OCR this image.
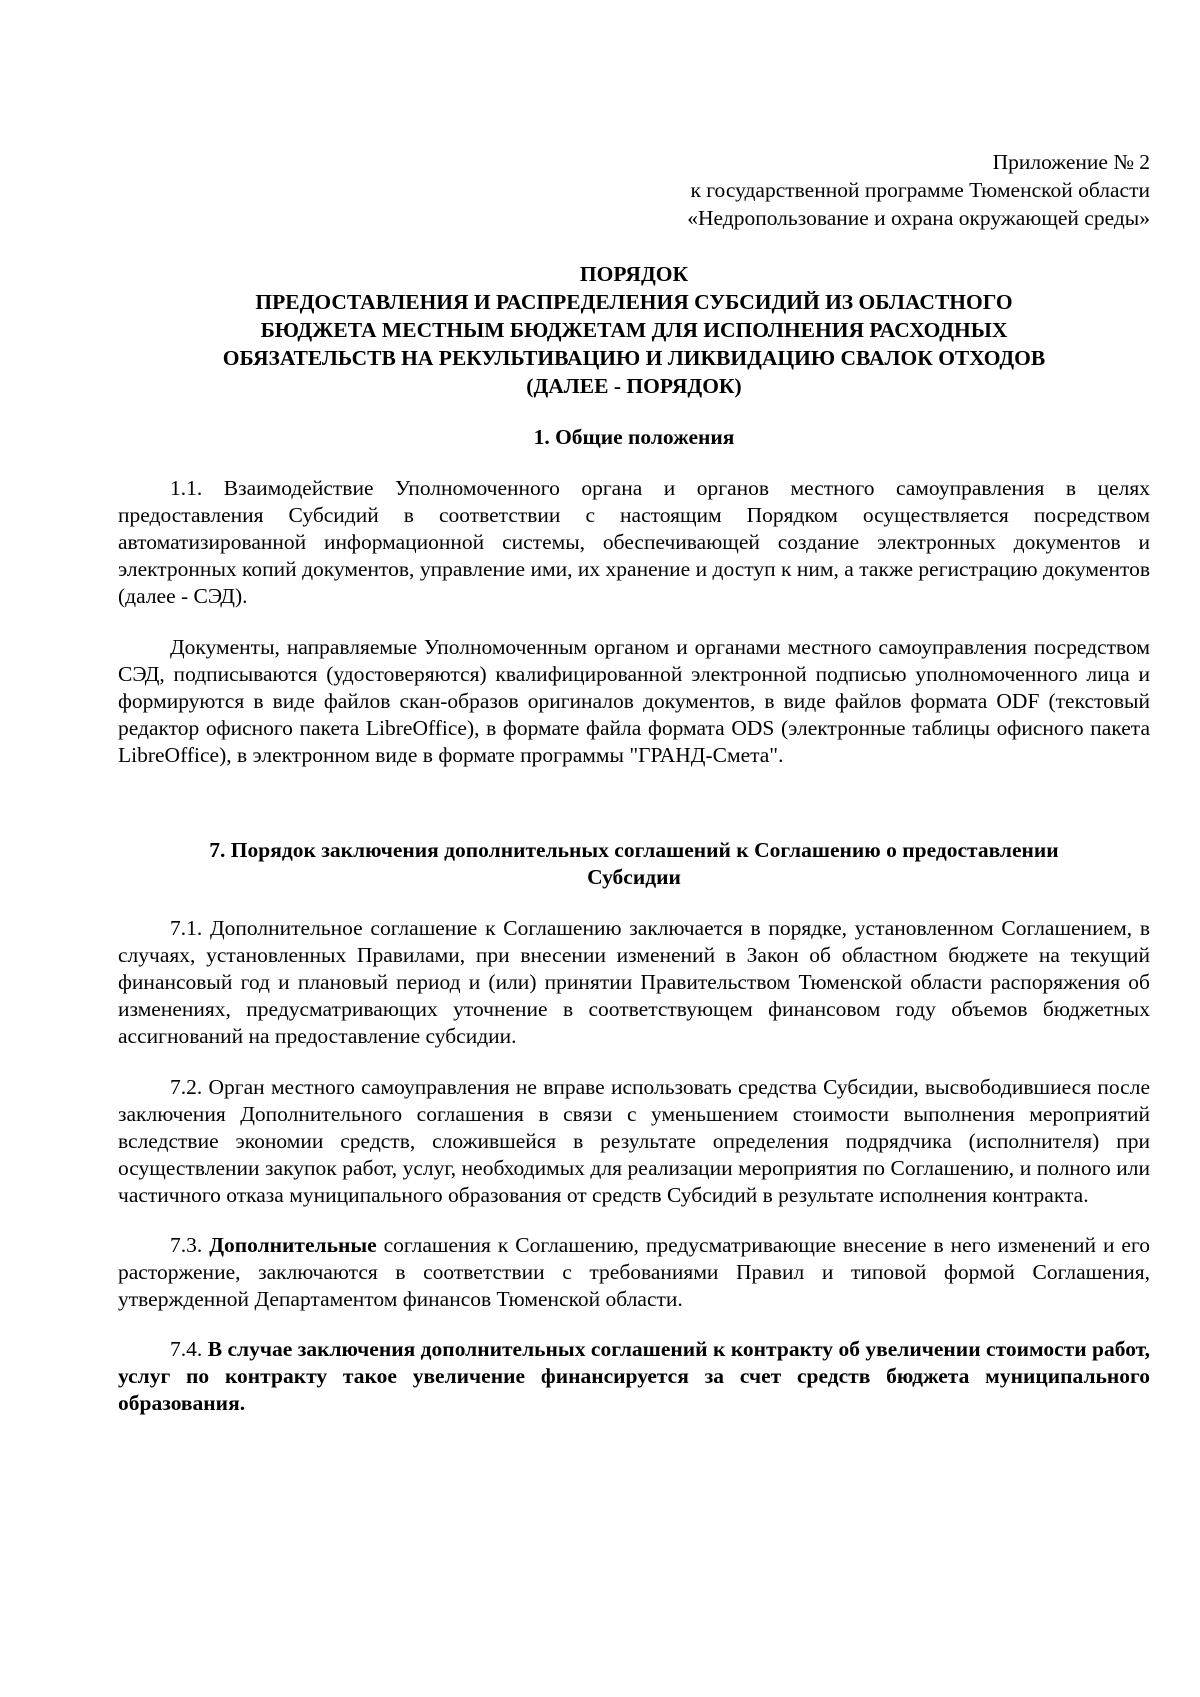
Приложение № 2
к государственной программе Тюменской области
«Недропользование и охрана окружающей среды»
ПОРЯДОК
ПРЕДОСТАВЛЕНИЯ И РАСПРЕДЕЛЕНИЯ СУБСИДИЙ ИЗ ОБЛАСТНОГО
БЮДЖЕТА МЕСТНЫМ БЮДЖЕТАМ ДЛЯ ИСПОЛНЕНИЯ РАСХОДНЫХ
ОБЯЗАТЕЛЬСТВ НА РЕКУЛЬТИВАЦИЮ И ЛИКВИДАЦИЮ СВАЛОК ОТХОДОВ
(ДАЛЕЕ - ПОРЯДОК)
1. Общие положения

1.1. Взаимодействие Уполномоченного органа и органов местного самоуправления в целях предоставления Субсидий в соответствии с настоящим Порядком осуществляется посредством автоматизированной информационной системы, обеспечивающей создание электронных документов и электронных копий документов, управление ими, их хранение и доступ к ним, а также регистрацию документов (далее - СЭД).

Документы, направляемые Уполномоченным органом и органами местного самоуправления посредством СЭД, подписываются (удостоверяются) квалифицированной электронной подписью уполномоченного лица и формируются в виде файлов скан-образов оригиналов документов, в виде файлов формата ODF (текстовый редактор офисного пакета LibreOffice), в формате файла формата ODS (электронные таблицы офисного пакета LibreOffice), в электронном виде в формате программы "ГРАНД-Смета".

7. Порядок заключения дополнительных соглашений к Соглашению о предоставлении
Субсидии

7.1. Дополнительное соглашение к Соглашению заключается в порядке, установленном Соглашением, в случаях, установленных Правилами, при внесении изменений в Закон об областном бюджете на текущий финансовый год и плановый период и (или) принятии Правительством Тюменской области распоряжения об изменениях, предусматривающих уточнение в соответствующем финансовом году объемов бюджетных ассигнований на предоставление субсидии.

7.2. Орган местного самоуправления не вправе использовать средства Субсидии, высвободившиеся после заключения Дополнительного соглашения в связи с уменьшением стоимости выполнения мероприятий вследствие экономии средств, сложившейся в результате определения подрядчика (исполнителя) при осуществлении закупок работ, услуг, необходимых для реализации мероприятия по Соглашению, и полного или частичного отказа муниципального образования от средств Субсидий в результате исполнения контракта.

7.3. Дополнительные соглашения к Соглашению, предусматривающие внесение в него изменений и его расторжение, заключаются в соответствии с требованиями Правил и типовой формой Соглашения, утвержденной Департаментом финансов Тюменской области.

7.4. В случае заключения дополнительных соглашений к контракту об увеличении стоимости работ, услуг по контракту такое увеличение финансируется за счет средств бюджета муниципального образования.
